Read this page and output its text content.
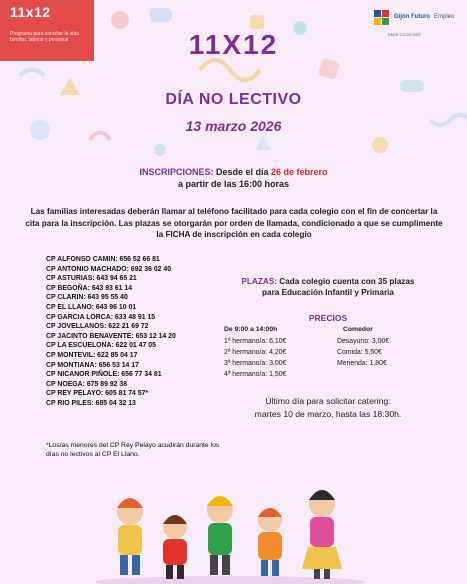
11x12
Programa para conciliar la vida familiar, laboral y personal
Gijón Futuro Empleo
FADE CCOO UGT
11X12
DÍA NO LECTIVO
13 marzo 2026
INSCRIPCIONES: Desde el día 26 de febrero
a partir de las 16:00 horas
Las familias interesadas deberán llamar al teléfono facilitado para cada colegio con el fin de concertar la cita para la inscripción. Las plazas se otorgarán por orden de llamada, condicionado a que se cumplimente la FICHA de inscripción en cada colegio
CP ALFONSO CAMIN: 656 52 66 81
CP ANTONIO MACHADO: 692 36 02 40
CP ASTURIAS: 643 94 65 21
CP BEGOÑA: 643 93 61 14
CP CLARIN: 643 95 55 40
CP EL LLANO: 643 96 10 01
CP GARCIA LORCA: 633 48 91 15
CP JOVELLANOS: 622 21 69 72
CP JACINTO BENAVENTE: 653 12 14 20
CP LA ESCUELONA: 622 01 47 05
CP MONTEVIL: 622 85 04 17
CP MONTIANA: 656 53 14 17
CP NICANOR PIÑOLE: 656 77 34 81
CP NOEGA: 675 89 92 38
CP REY PELAYO: 605 81 74 57*
CP RIO PILES: 685 04 32 13
*Los/as menores del CP Rey Pelayo acudirán durante los días no lectivos al CP El Llano.
PLAZAS: Cada colegio cuenta con 35 plazas
para Educación Infantil y Primaria
PRECIOS
De 9:00 a 14:00h	Comedor
1ª hermano/a: 6,10€
2ª hermano/a: 4,20€
3ª hermano/a: 3,00€
4ª hermano/a: 1,50€
Desayuno: 3,00€
Comida: 5,50€
Merienda: 1,80€
Último día para solicitar catering:
martes 10 de marzo, hasta las 18:30h.
